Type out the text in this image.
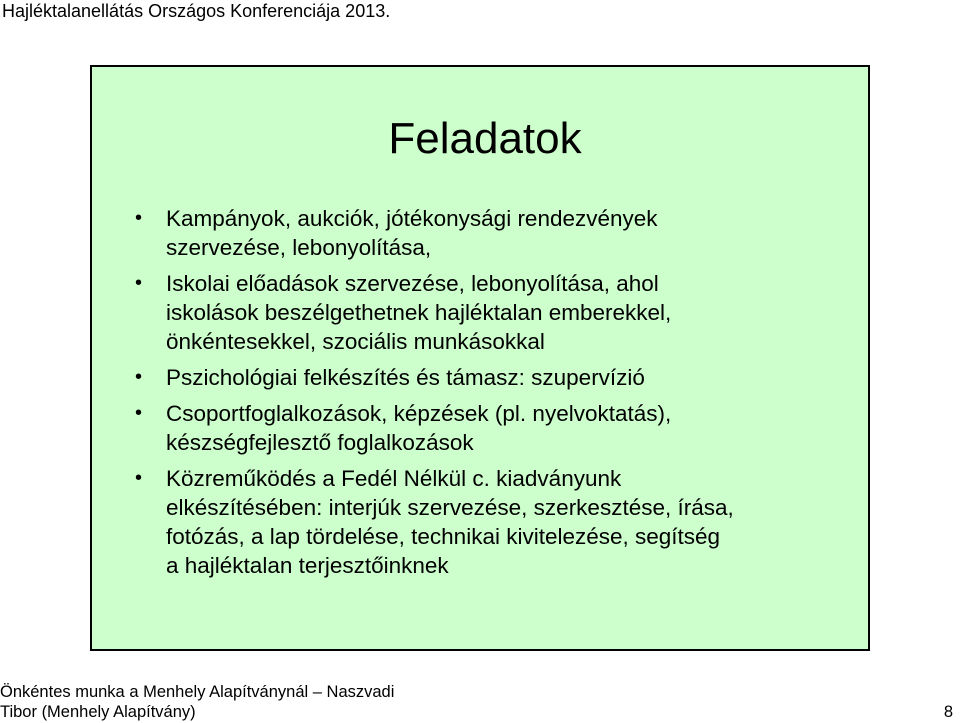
Hajléktalanellátás Országos Konferenciája 2013.
Feladatok
• Kampányok, aukciók, jótékonysági rendezvények
szervezése, lebonyolítása,
• Iskolai előadások szervezése, lebonyolítása, ahol
iskolások beszélgethetnek hajléktalan emberekkel,
önkéntesekkel, szociális munkásokkal
• Pszichológiai felkészítés és támasz: szupervízió
• Csoportfoglalkozások, képzések (pl. nyelvoktatás),
készségfejlesztő foglalkozások
• Közreműködés a Fedél Nélkül c. kiadványunk
elkészítésében: interjúk szervezése, szerkesztése, írása,
fotózás, a lap tördelése, technikai kivitelezése, segítség
a hajléktalan terjesztőinknek
Önkéntes munka a Menhely Alapítványnál – Naszvadi
Tibor (Menhely Alapítvány)	8
